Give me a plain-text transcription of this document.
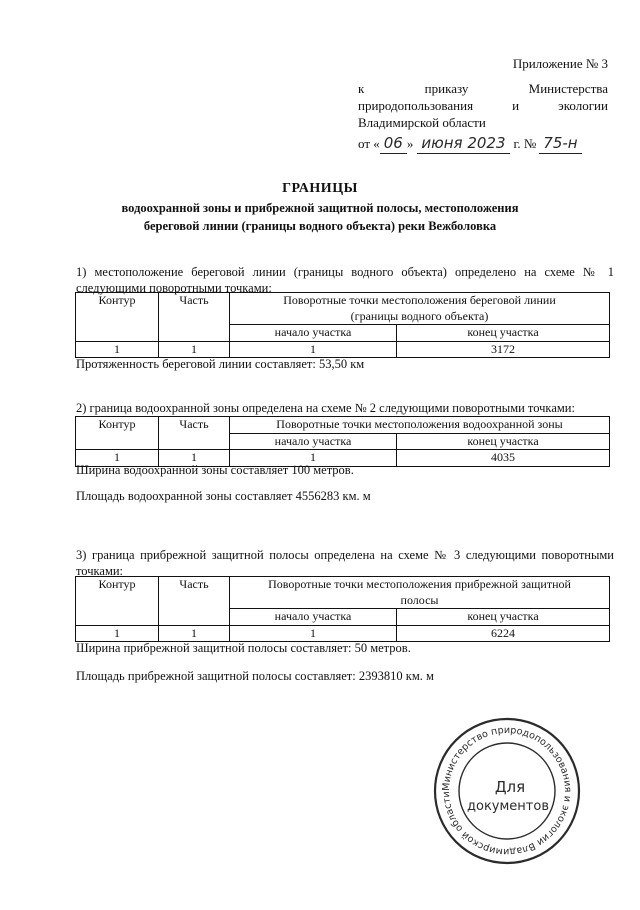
Приложение № 3
к	приказу	Министерства
природопользования	и	экологии
Владимирской области
от « 06 » июня 2023 г. № 75-н
ГРАНИЦЫ
водоохранной зоны и прибрежной защитной полосы, местоположения
береговой линии (границы водного объекта) реки Вежболовка
1) местоположение береговой линии (границы водного объекта) определено на схеме № 1 следующими поворотными точками:
Контур	Часть	Поворотные точки местоположения береговой линии (границы водного объекта)	
		начало участка	конец участка
1	1	1	3172
Протяженность береговой линии составляет: 53,50 км
2) граница водоохранной зоны определена на схеме № 2 следующими поворотными точками:
Контур	Часть	Поворотные точки местоположения водоохранной зоны	
		начало участка	конец участка
1	1	1	4035
Ширина водоохранной зоны составляет 100 метров.
Площадь водоохранной зоны составляет 4556283 км. м
3) граница прибрежной защитной полосы определена на схеме № 3 следующими поворотными точками:
Контур	Часть	Поворотные точки местоположения прибрежной защитной полосы	
		начало участка	конец участка
1	1	1	6224
Ширина прибрежной защитной полосы составляет: 50 метров.
Площадь прибрежной защитной полосы составляет: 2393810 км. м
Министерство природопользования и экологии Владимирской области	Для
документов
